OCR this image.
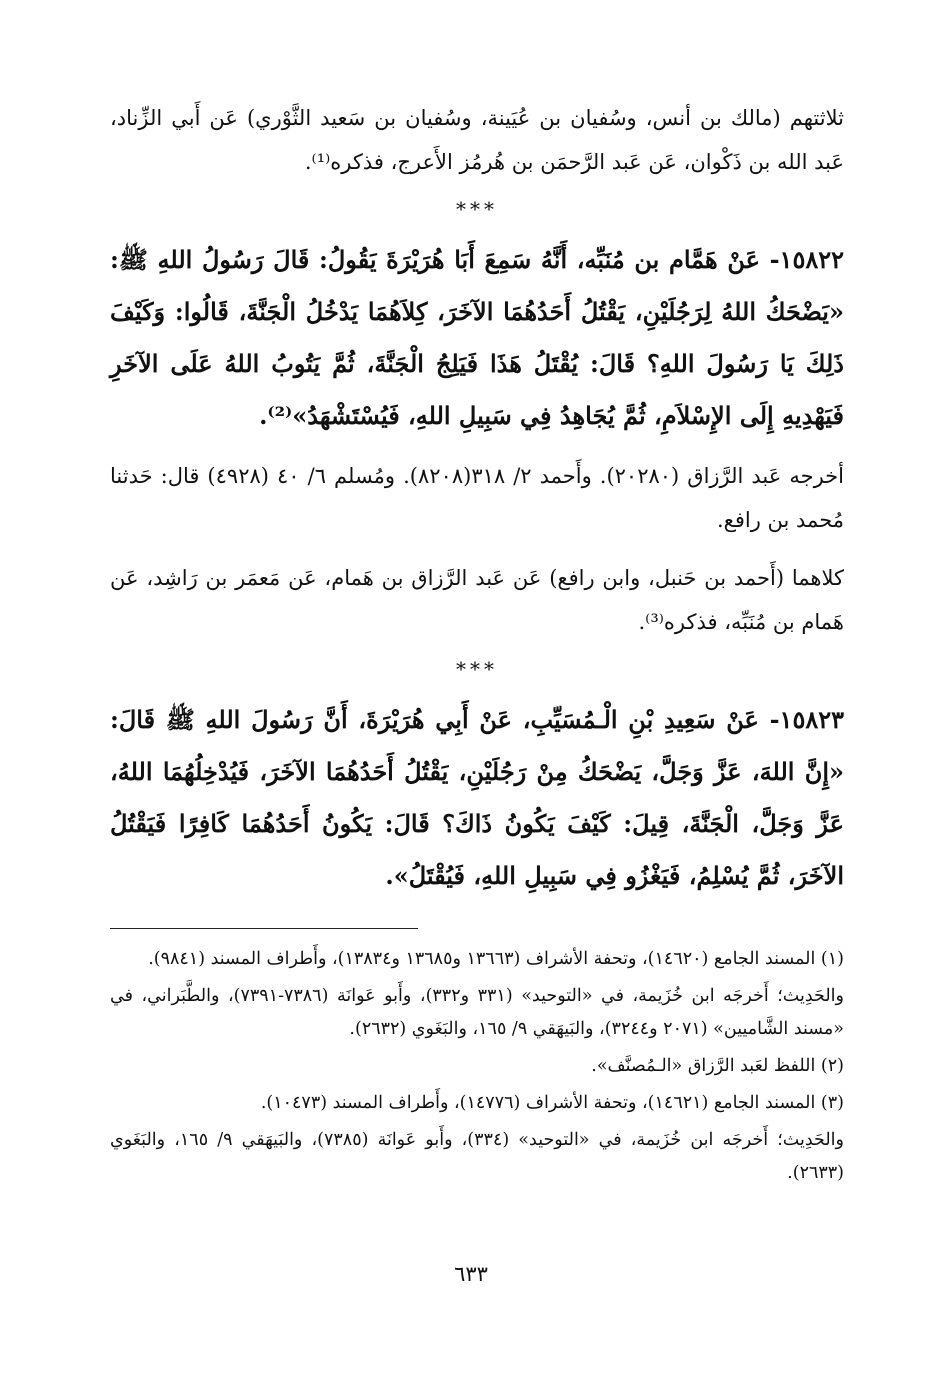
ثلاثتهم (مالك بن أنس، وسُفيان بن عُيَينة، وسُفيان بن سَعيد الثَّوْري) عَن أَبي الزِّناد، عَبد الله بن ذَكْوان، عَن عَبد الرَّحمَن بن هُرمُز الأَعرج، فذكره⁽¹⁾.

***

١٥٨٢٢- عَنْ هَمَّام بن مُنَبِّه، أَنَّهُ سَمِعَ أَبَا هُرَيْرَةَ يَقُولُ: قَالَ رَسُولُ اللهِ ﷺ: «يَضْحَكُ اللهُ لِرَجُلَيْنِ، يَقْتُلُ أَحَدُهُمَا الآخَرَ، كِلاَهُمَا يَدْخُلُ الْجَنَّةَ، قَالُوا: وَكَيْفَ ذَلِكَ يَا رَسُولَ اللهِ؟ قَالَ: يُقْتَلُ هَذَا فَيَلِجُ الْجَنَّةَ، ثُمَّ يَتُوبُ اللهُ عَلَى الآخَرِ فَيَهْدِيهِ إِلَى الإِسْلاَمِ، ثُمَّ يُجَاهِدُ فِي سَبِيلِ اللهِ، فَيُسْتَشْهَدُ»⁽²⁾.

أخرجه عَبد الرَّزاق (٢٠٢٨٠). وأَحمد ٢/ ٣١٨(٨٢٠٨). ومُسلم ٦/ ٤٠ (٤٩٢٨) قال: حَدثنا مُحمد بن رافع.

كلاهما (أَحمد بن حَنبل، وابن رافع) عَن عَبد الرَّزاق بن هَمام، عَن مَعمَر بن رَاشِد، عَن هَمام بن مُنَبِّه، فذكره⁽³⁾.

***

١٥٨٢٣- عَنْ سَعِيدِ بْنِ الْـمُسَيِّبِ، عَنْ أَبِي هُرَيْرَةَ، أَنَّ رَسُولَ اللهِ ﷺ قَالَ: «إِنَّ اللهَ، عَزَّ وَجَلَّ، يَضْحَكُ مِنْ رَجُلَيْنِ، يَقْتُلُ أَحَدُهُمَا الآخَرَ، فَيُدْخِلُهُمَا اللهُ، عَزَّ وَجَلَّ، الْجَنَّةَ، قِيلَ: كَيْفَ يَكُونُ ذَاكَ؟ قَالَ: يَكُونُ أَحَدُهُمَا كَافِرًا فَيَقْتُلُ الآخَرَ، ثُمَّ يُسْلِمُ، فَيَغْزُو فِي سَبِيلِ اللهِ، فَيُقْتَلُ».

(١) المسند الجامع (١٤٦٢٠)، وتحفة الأشراف (١٣٦٦٣ و١٣٦٨٥ و١٣٨٣٤)، وأَطراف المسند (٩٨٤١).

والحَدِيث؛ أَخرجَه ابن خُزَيمة، في «التوحيد» (٣٣١ و٣٣٢)، وأَبو عَوانَة (٧٣٨٦-٧٣٩١)، والطَّبَراني، في «مسند الشَّاميين» (٢٠٧١ و٣٢٤٤)، والبَيهَقي ٩/ ١٦٥، والبَغَوي (٢٦٣٢).

(٢) اللفظ لعَبد الرَّزاق «الـمُصنَّف».

(٣) المسند الجامع (١٤٦٢١)، وتحفة الأشراف (١٤٧٧٦)، وأَطراف المسند (١٠٤٧٣).

والحَدِيث؛ أَخرجَه ابن خُزَيمة، في «التوحيد» (٣٣٤)، وأَبو عَوانَة (٧٣٨٥)، والبَيهَقي ٩/ ١٦٥، والبَغَوي (٢٦٣٣).

٦٣٣
